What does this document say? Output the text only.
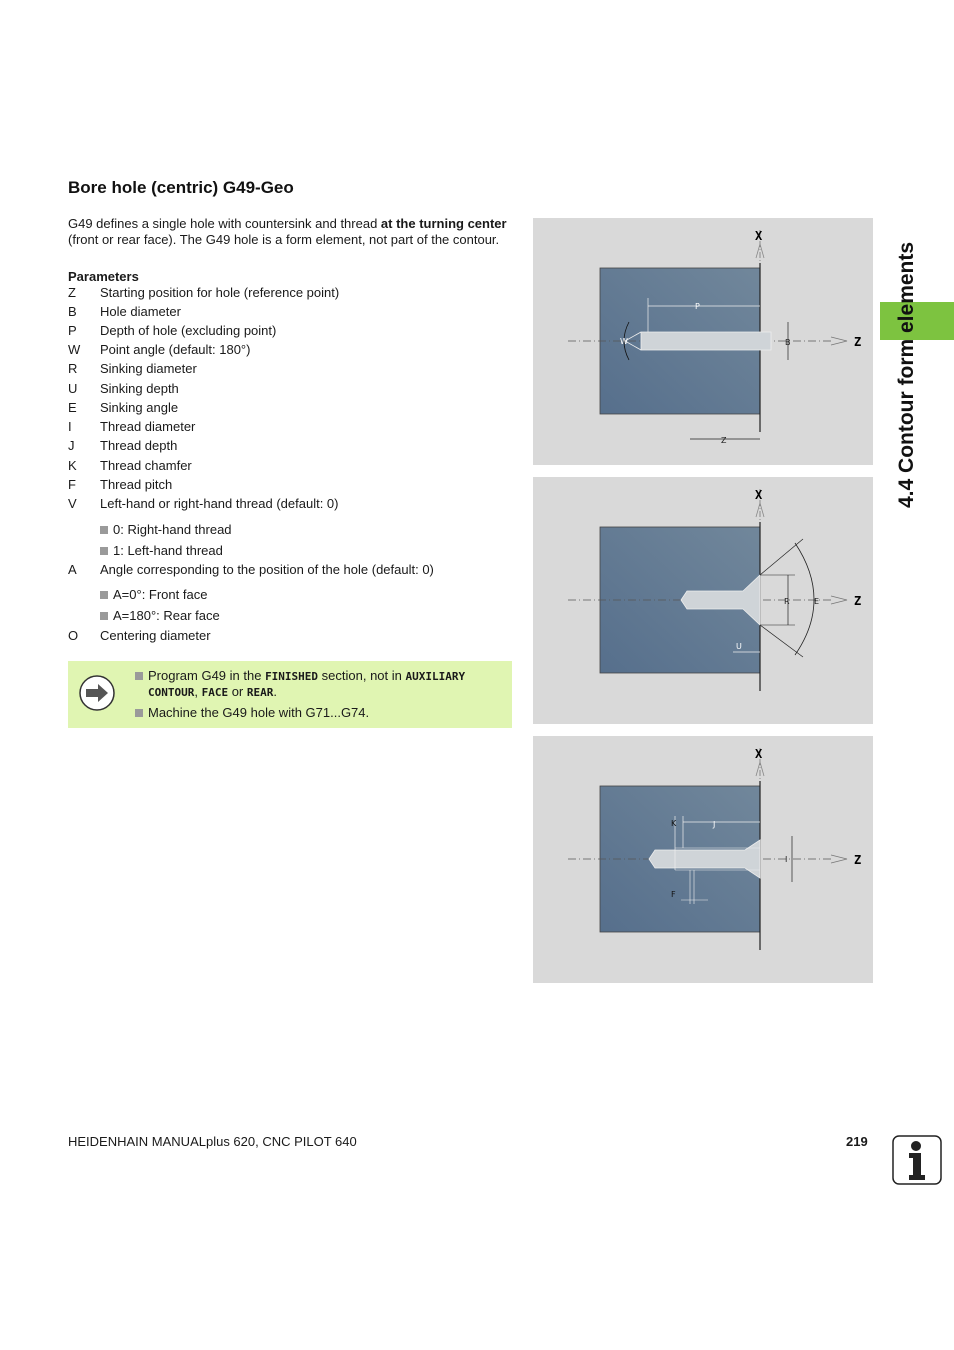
Bore hole (centric) G49-Geo
G49 defines a single hole with countersink and thread at the turning center (front or rear face). The G49 hole is a form element, not part of the contour.
Parameters
Z Starting position for hole (reference point)
B Hole diameter
P Depth of hole (excluding point)
W Point angle (default: 180°)
R Sinking diameter
U Sinking depth
E Sinking angle
I Thread diameter
J Thread depth
K Thread chamfer
F Thread pitch
V Left-hand or right-hand thread (default: 0)
0: Right-hand thread
1: Left-hand thread
A Angle corresponding to the position of the hole (default: 0)
A=0°: Front face
A=180°: Rear face
O Centering diameter
Program G49 in the FINISHED section, not in AUXILIARY
CONTOUR, FACE or REAR.
Machine the G49 hole with G71...G74.
X
Z
P
B
W
Z
X
Z
E
R
U
X
Z
K	J
I
F
4.4 Contour form elements
HEIDENHAIN MANUALplus 620, CNC PILOT 640	219
